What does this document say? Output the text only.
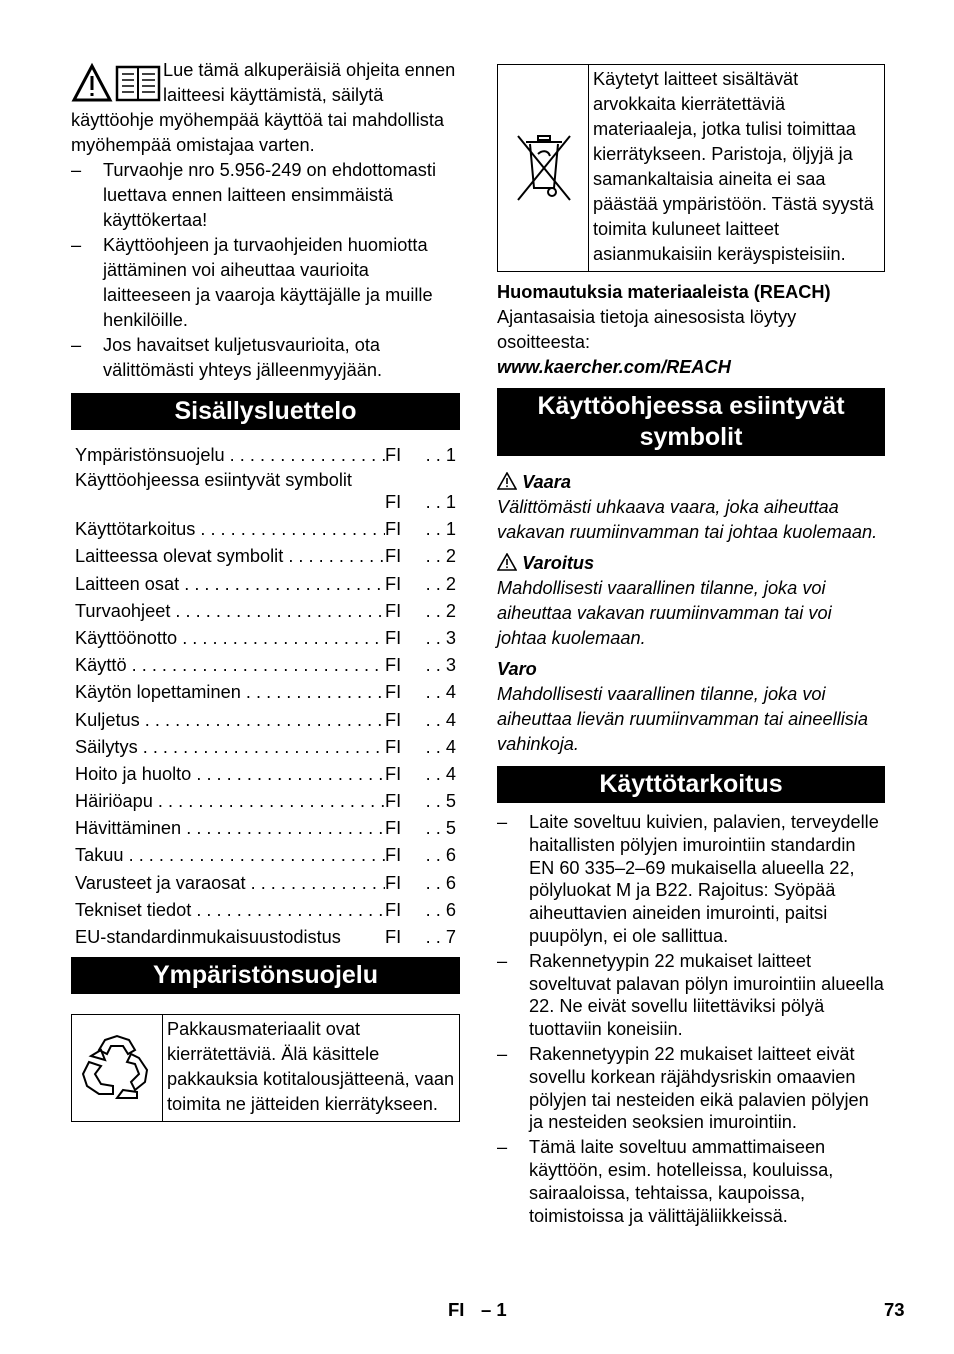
Lue tämä alkuperäisiä ohjeita ennen laitteesi käyttämistä, säilytä käyttöohje myöhempää käyttöä tai mahdollista myöhempää omistajaa varten.

– Turvaohje nro 5.956-249 on ehdottomasti luettava ennen laitteen ensimmäistä käyttökertaa!
– Käyttöohjeen ja turvaohjeiden huomiotta jättäminen voi aiheuttaa vaurioita laitteeseen ja vaaroja käyttäjälle ja muille henkilöille.
– Jos havaitset kuljetusvaurioita, ota välittömästi yhteys jälleenmyyjään.
Sisällysluettelo
Ympäristönsuojelu . . .	FI	. . 1
Käyttöohjeessa esiintyvät symbolit
FI	. . 1
Käyttötarkoitus . . .	FI	. . 1
Laitteessa olevat symbolit . . .	FI	. . 2
Laitteen osat . . .	FI	. . 2
Turvaohjeet . . .	FI	. . 2
Käyttöönotto . . .	FI	. . 3
Käyttö . . .	FI	. . 3
Käytön lopettaminen . . .	FI	. . 4
Kuljetus . . .	FI	. . 4
Säilytys . . .	FI	. . 4
Hoito ja huolto . . .	FI	. . 4
Häiriöapu . . .	FI	. . 5
Hävittäminen . . .	FI	. . 5
Takuu . . .	FI	. . 6
Varusteet ja varaosat . . .	FI	. . 6
Tekniset tiedot . . .	FI	. . 6
EU-standardinmukaisuustodistus	FI	. . 7
Ympäristönsuojelu
Pakkausmateriaalit ovat kierrätettäviä. Älä käsittele pakkauksia kotitalousjätteenä, vaan toimita ne jätteiden kierrätykseen.
Käytetyt laitteet sisältävät arvokkaita kierrätettäviä materiaaleja, jotka tulisi toimittaa kierrätykseen. Paristoja, öljyjä ja samankaltaisia aineita ei saa päästää ympäristöön. Tästä syystä toimita kuluneet laitteet asianmukaisiin keräyspisteisiin.

Huomautuksia materiaaleista (REACH)

Ajantasaisia tietoja ainesosista löytyy osoitteesta:

www.kaercher.com/REACH

Käyttöohjeessa esiintyvät symbolit

Vaara

Välittömästi uhkaava vaara, joka aiheuttaa vakavan ruumiinvamman tai johtaa kuolemaan.

Varoitus

Mahdollisesti vaarallinen tilanne, joka voi aiheuttaa vakavan ruumiinvamman tai voi johtaa kuolemaan.

Varo

Mahdollisesti vaarallinen tilanne, joka voi aiheuttaa lievän ruumiinvamman tai aineellisia vahinkoja.

Käyttötarkoitus
– Laite soveltuu kuivien, palavien, terveydelle haitallisten pölyjen imurointiin standardin EN 60 335–2–69 mukaisella alueella 22, pölyluokat M ja B22. Rajoitus: Syöpää aiheuttavien aineiden imurointi, paitsi puupölyn, ei ole sallittua.
– Rakennetyypin 22 mukaiset laitteet soveltuvat palavan pölyn imurointiin alueella 22. Ne eivät sovellu liitettäviksi pölyä tuottaviin koneisiin.
– Rakennetyypin 22 mukaiset laitteet eivät sovellu korkean räjähdysriskin omaavien pölyjen tai nesteiden eikä palavien pölyjen ja nesteiden seoksien imurointiin.
– Tämä laite soveltuu ammattimaiseen käyttöön, esim. hotelleissa, kouluissa, sairaaloissa, tehtaissa, kaupoissa, toimistoissa ja välittäjäliikkeissä.
FI – 1	73
